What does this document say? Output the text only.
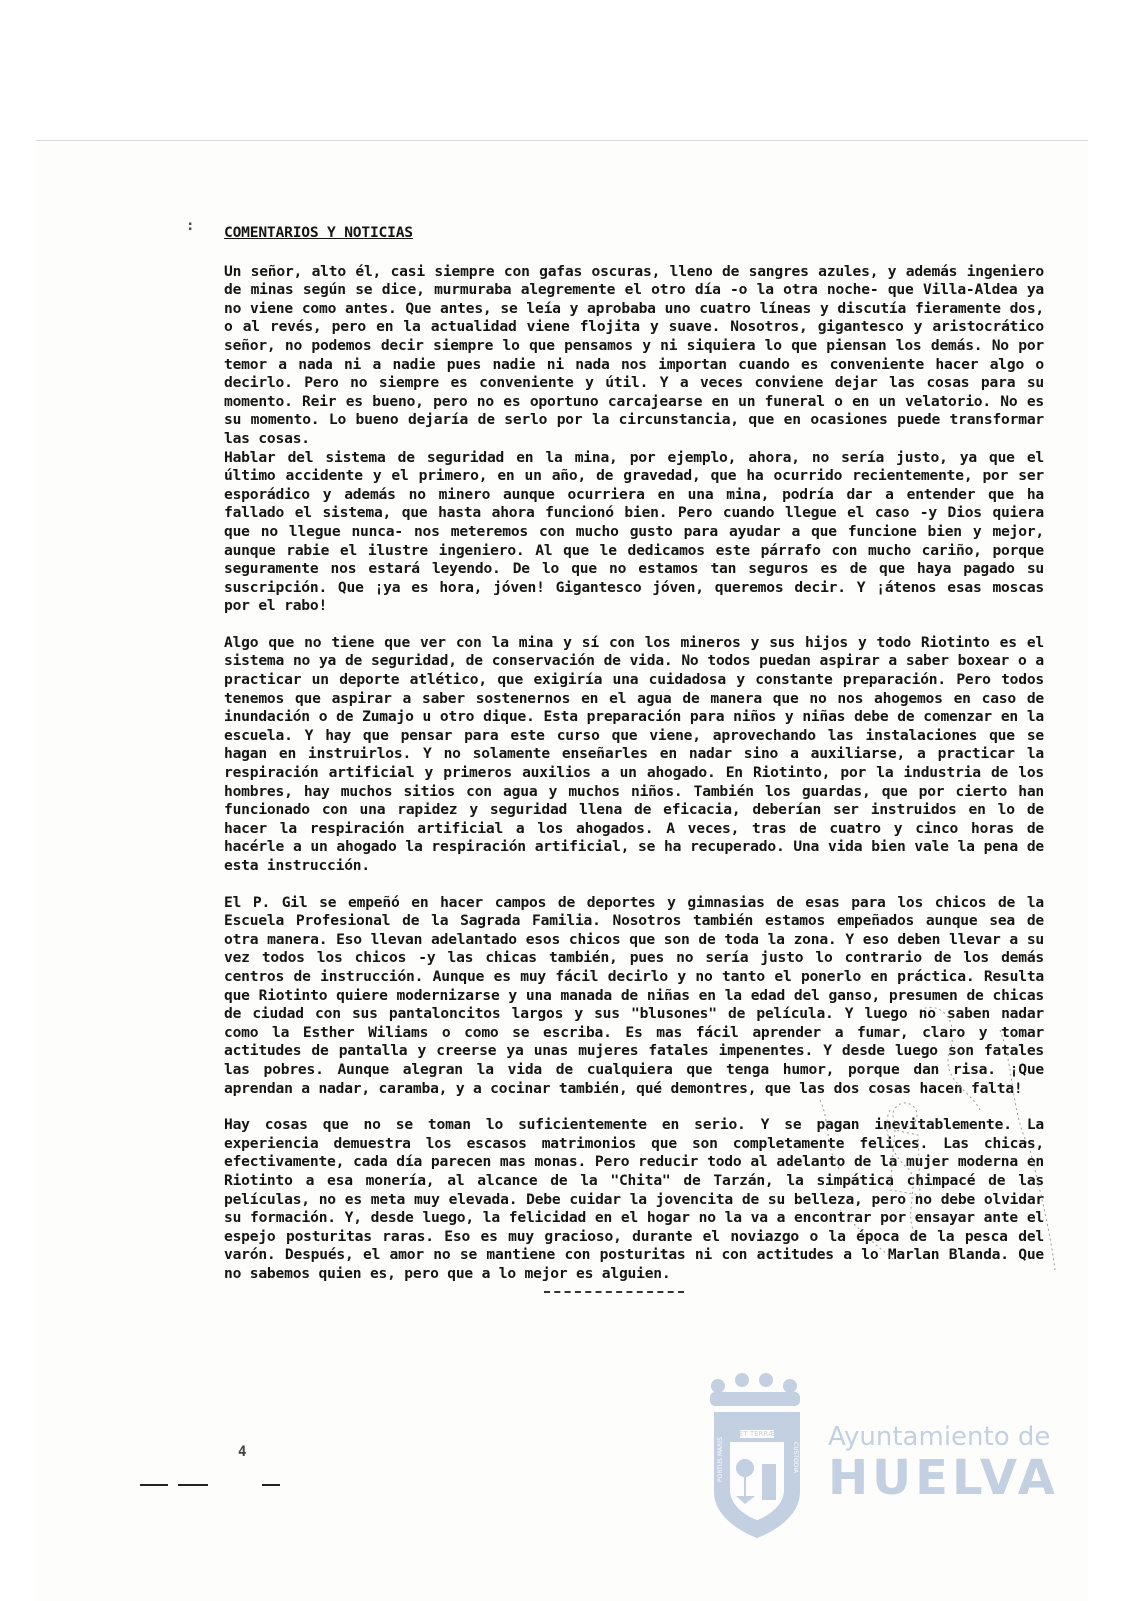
:
4
COMENTARIOS Y NOTICIAS

Un señor, alto él, casi siempre con gafas oscuras, lleno de sangres azules, y además ingeniero de minas según se dice, murmuraba alegremente el otro día -o la otra noche- que Villa-Aldea ya no viene como antes. Que antes, se leía y aprobaba uno cuatro líneas y discutía fieramente dos, o al revés, pero en la actualidad viene flojita y suave. Nosotros, gigantesco y aristocrático señor, no podemos decir siempre lo que pensamos y ni siquiera lo que piensan los demás. No por temor a nada ni a nadie pues nadie ni nada nos importan cuando es conveniente hacer algo o decirlo. Pero no siempre es conveniente y útil. Y a veces conviene dejar las cosas para su momento. Reir es bueno, pero no es oportuno carcajearse en un funeral o en un velatorio. No es su momento. Lo bueno dejaría de serlo por la circunstancia, que en ocasiones puede transformar las cosas.

Hablar del sistema de seguridad en la mina, por ejemplo, ahora, no sería justo, ya que el último accidente y el primero, en un año, de gravedad, que ha ocurrido recientemente, por ser esporádico y además no minero aunque ocurriera en una mina, podría dar a entender que ha fallado el sistema, que hasta ahora funcionó bien. Pero cuando llegue el caso -y Dios quiera que no llegue nunca- nos meteremos con mucho gusto para ayudar a que funcione bien y mejor, aunque rabie el ilustre ingeniero. Al que le dedicamos este párrafo con mucho cariño, porque seguramente nos estará leyendo. De lo que no estamos tan seguros es de que haya pagado su suscripción. Que ¡ya es hora, jóven! Gigantesco jóven, queremos decir. Y ¡átenos esas moscas por el rabo!

Algo que no tiene que ver con la mina y sí con los mineros y sus hijos y todo Riotinto es el sistema no ya de seguridad, de conservación de vida. No todos puedan aspirar a saber boxear o a practicar un deporte atlético, que exigiría una cuidadosa y constante preparación. Pero todos tenemos que aspirar a saber sostenernos en el agua de manera que no nos ahogemos en caso de inundación o de Zumajo u otro dique. Esta preparación para niños y niñas debe de comenzar en la escuela. Y hay que pensar para este curso que viene, aprovechando las instalaciones que se hagan en instruirlos. Y no solamente enseñarles en nadar sino a auxiliarse, a practicar la respiración artificial y primeros auxilios a un ahogado. En Riotinto, por la industria de los hombres, hay muchos sitios con agua y muchos niños. También los guardas, que por cierto han funcionado con una rapidez y seguridad llena de eficacia, deberían ser instruidos en lo de hacer la respiración artificial a los ahogados. A veces, tras de cuatro y cinco horas de hacérle a un ahogado la respiración artificial, se ha recuperado. Una vida bien vale la pena de esta instrucción.

El P. Gil se empeñó en hacer campos de deportes y gimnasias de esas para los chicos de la Escuela Profesional de la Sagrada Familia. Nosotros también estamos empeñados aunque sea de otra manera. Eso llevan adelantado esos chicos que son de toda la zona. Y eso deben llevar a su vez todos los chicos -y las chicas también, pues no sería justo lo contrario de los demás centros de instrucción. Aunque es muy fácil decirlo y no tanto el ponerlo en práctica. Resulta que Riotinto quiere modernizarse y una manada de niñas en la edad del ganso, presumen de chicas de ciudad con sus pantaloncitos largos y sus "blusones" de película. Y luego no saben nadar como la Esther Wiliams o como se escriba. Es mas fácil aprender a fumar, claro y tomar actitudes de pantalla y creerse ya unas mujeres fatales impenentes. Y desde luego son fatales las pobres. Aunque alegran la vida de cualquiera que tenga humor, porque dan risa. ¡Que aprendan a nadar, caramba, y a cocinar también, qué demontres, que las dos cosas hacen falta!

Hay cosas que no se toman lo suficientemente en serio. Y se pagan inevitablemente. La experiencia demuestra los escasos matrimonios que son completamente felices. Las chicas, efectivamente, cada día parecen mas monas. Pero reducir todo al adelanto de la mujer moderna en Riotinto a esa monería, al alcance de la "Chita" de Tarzán, la simpática chimpacé de las películas, no es meta muy elevada. Debe cuidar la jovencita de su belleza, pero no debe olvidar su formación. Y, desde luego, la felicidad en el hogar no la va a encontrar por ensayar ante el espejo posturitas raras. Eso es muy gracioso, durante el noviazgo o la época de la pesca del varón. Después, el amor no se mantiene con posturitas ni con actitudes a lo Marlan Blanda. Que no sabemos quien es, pero que a lo mejor es alguien.

ET TERRÆ
PORTUS MARIS	CUSTODIA
Ayuntamiento de
HUELVA
